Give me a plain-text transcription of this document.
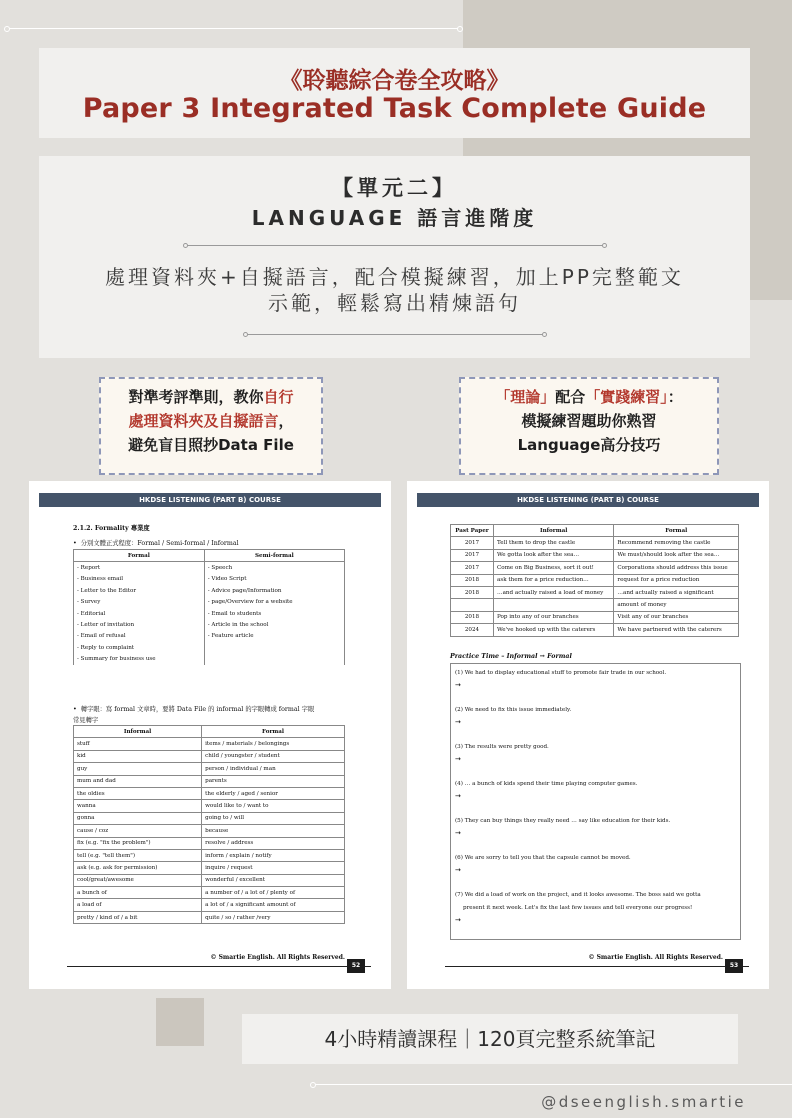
《聆聽綜合卷全攻略》
Paper 3 Integrated Task Complete Guide
【單元二】
LANGUAGE 語言進階度
處理資料夾+自擬語言，配合模擬練習，加上PP完整範文
示範，輕鬆寫出精煉語句
對準考評準則，教你自行
處理資料夾及自擬語言，
避免盲目照抄Data File
「理論」配合「實踐練習」：
模擬練習題助你熟習
Language高分技巧
HKDSE LISTENING (PART B) COURSE
2.1.2. Formality 專業度
•  分別文體正式程度：Formal / Semi-formal / Informal
Formal	Semi-formal
- Report	- Speech
- Business email	- Video Script
- Letter to the Editor	- Advice page/Information
- Survey	- page/Overview for a website
- Editorial	- Email to students
- Letter of invitation	- Article in the school
- Email of refusal	- Feature article
- Reply to complaint	
- Summary for business use	
•  轉字眼：寫 formal 文章時，要將 Data File 的 informal 的字眼轉成 formal 字眼
常見轉字
Informal	Formal
stuff	items / materials / belongings
kid	child / youngster / student
guy	person / individual / man
mum and dad	parents
the oldies	the elderly / aged / senior
wanna	would like to / want to
gonna	going to / will
cause / coz	because
fix (e.g. "fix the problem")	resolve / address
tell (e.g. "tell them")	inform / explain / notify
ask (e.g. ask for permission)	inquire / request
cool/great/awesome	wonderful / excellent
a bunch of	a number of / a lot of / plenty of
a load of	a lot of / a significant amount of
pretty / kind of / a bit	quite / so / rather /very
© Smartie English. All Rights Reserved.
52
HKDSE LISTENING (PART B) COURSE
Past Paper	Informal	Formal
2017	Tell them to drop the castle	Recommend removing the castle
2017	We gotta look after the sea…	We must/should look after the sea…
2017	Come on Big Business, sort it out!	Corporations should address this issue
2018	ask them for a price reduction…	request for a price reduction
2018	…and actually raised a load of money	…and actually raised a significant
		amount of money
2018	Pop into any of our branches	Visit any of our branches
2024	We've hooked up with the caterers	We have partnered with the caterers
Practice Time – Informal → Formal
(1) We had to display educational stuff to promote fair trade in our school.
(2) We need to fix this issue immediately.
(3) The results were pretty good.
(4) … a bunch of kids spend their time playing computer games.
(5) They can buy things they really need … say like education for their kids.
(6) We are sorry to tell you that the capsule cannot be moved.
(7) We did a load of work on the project, and it looks awesome. The boss said we gotta
present it next week. Let's fix the last few issues and tell everyone our progress!
→
→
→
→
→
→
→
© Smartie English. All Rights Reserved.
53
4小時精讀課程｜120頁完整系統筆記
@dseenglish.smartie
